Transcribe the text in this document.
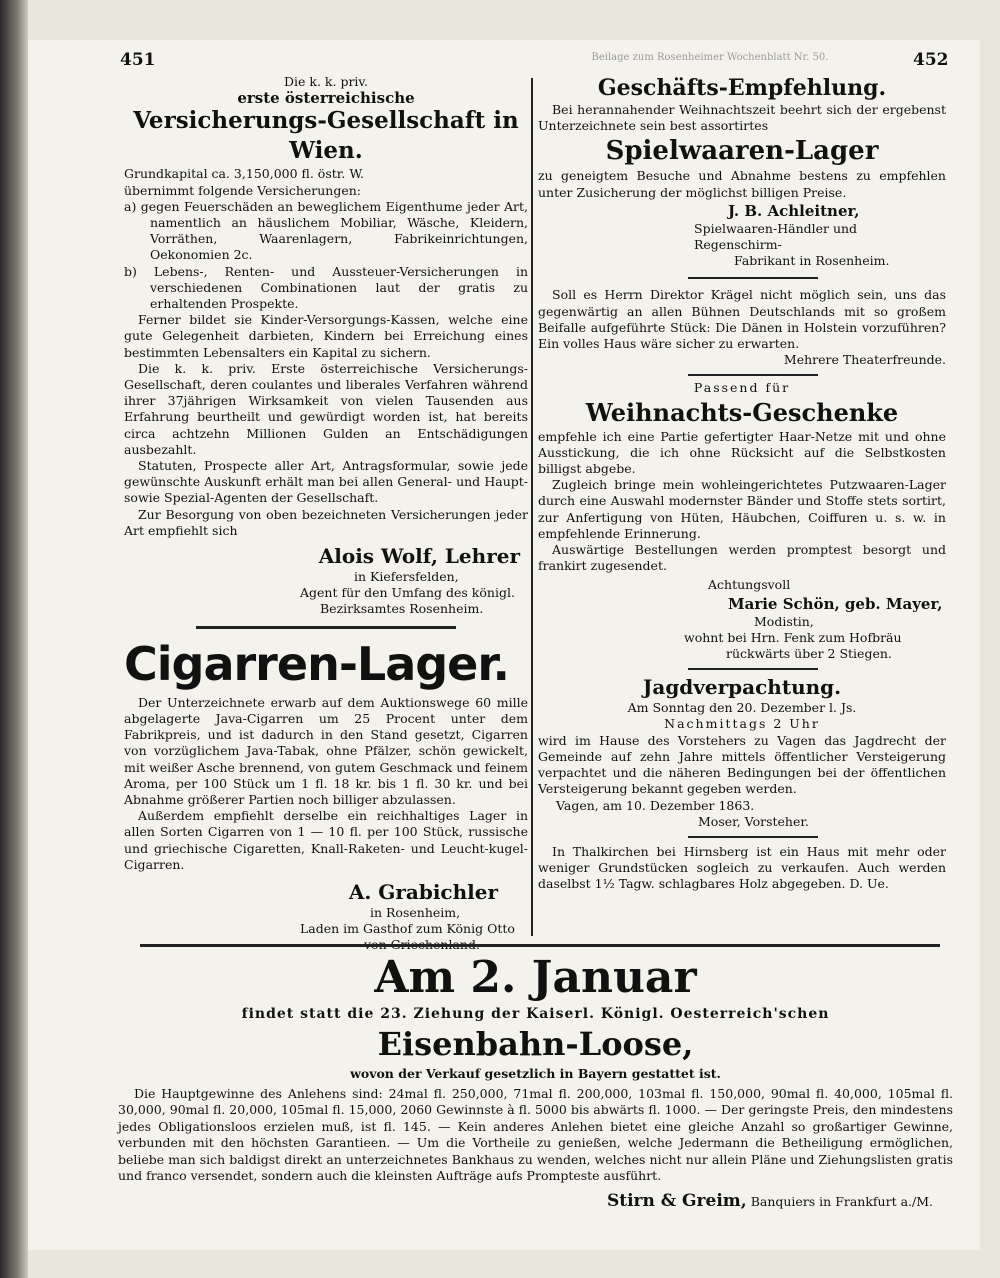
451	452
Beilage zum Rosenheimer Wochenblatt Nr. 50.

Die k. k. priv.

erste österreichische

Versicherungs-Gesellschaft in Wien.

Grundkapital ca. 3,150,000 fl. östr. W.

übernimmt folgende Versicherungen:

a) gegen Feuerschäden an beweglichem Eigenthume jeder Art, namentlich an häuslichem Mobiliar, Wäsche, Kleidern, Vorräthen, Waarenlagern, Fabrikeinrichtungen, Oekonomien 2c.

b) Lebens-, Renten- und Aussteuer-Versicherungen in verschiedenen Combinationen laut der gratis zu erhaltenden Prospekte.

Ferner bildet sie Kinder-Versorgungs-Kassen, welche eine gute Gelegenheit darbieten, Kindern bei Erreichung eines bestimmten Lebensalters ein Kapital zu sichern.

Die k. k. priv. Erste österreichische Versicherungs-Gesellschaft, deren coulantes und liberales Verfahren während ihrer 37jährigen Wirksamkeit von vielen Tausenden aus Erfahrung beurtheilt und gewürdigt worden ist, hat bereits circa achtzehn Millionen Gulden an Entschädigungen ausbezahlt.

Statuten, Prospecte aller Art, Antragsformular, sowie jede gewünschte Auskunft erhält man bei allen General- und Haupt- sowie Spezial-Agenten der Gesellschaft.

Zur Besorgung von oben bezeichneten Versicherungen jeder Art empfiehlt sich

Alois Wolf, Lehrer

in Kiefersfelden,

Agent für den Umfang des königl.

Bezirksamtes Rosenheim.

Cigarren-Lager.

Der Unterzeichnete erwarb auf dem Auktionswege 60 mille abgelagerte Java-Cigarren um 25 Procent unter dem Fabrikpreis, und ist dadurch in den Stand gesetzt, Cigarren von vorzüglichem Java-Tabak, ohne Pfälzer, schön gewickelt, mit weißer Asche brennend, von gutem Geschmack und feinem Aroma, per 100 Stück um 1 fl. 18 kr. bis 1 fl. 30 kr. und bei Abnahme größerer Partien noch billiger abzulassen.

Außerdem empfiehlt derselbe ein reichhaltiges Lager in allen Sorten Cigarren von 1 — 10 fl. per 100 Stück, russische und griechische Cigaretten, Knall-Raketen- und Leucht-kugel-Cigarren.

A. Grabichler

in Rosenheim,

Laden im Gasthof zum König Otto

Geschäfts-Empfehlung.

Bei herannahender Weihnachtszeit beehrt sich der ergebenst Unterzeichnete sein best assortirtes

Spielwaaren-Lager

zu geneigtem Besuche und Abnahme bestens zu empfehlen unter Zusicherung der möglichst billigen Preise.

J. B. Achleitner,

Spielwaaren-Händler und Regenschirm-

Fabrikant in Rosenheim.

Soll es Herrn Direktor Krägel nicht möglich sein, uns das gegenwärtig an allen Bühnen Deutschlands mit so großem Beifalle aufgeführte Stück: Die Dänen in Holstein vorzuführen? Ein volles Haus wäre sicher zu erwarten.

Mehrere Theaterfreunde.

Passend für

Weihnachts-Geschenke

empfehle ich eine Partie gefertigter Haar-Netze mit und ohne Ausstickung, die ich ohne Rücksicht auf die Selbstkosten billigst abgebe.

Zugleich bringe mein wohleingerichtetes Putzwaaren-Lager durch eine Auswahl modernster Bänder und Stoffe stets sortirt, zur Anfertigung von Hüten, Häubchen, Coiffuren u. s. w. in empfehlende Erinnerung.

Auswärtige Bestellungen werden promptest besorgt und frankirt zugesendet.

Achtungsvoll

Marie Schön, geb. Mayer,

Modistin,

wohnt bei Hrn. Fenk zum Hofbräu

rückwärts über 2 Stiegen.

Jagdverpachtung.

Am Sonntag den 20. Dezember l. Js.

Nachmittags 2 Uhr

wird im Hause des Vorstehers zu Vagen das Jagdrecht der Gemeinde auf zehn Jahre mittels öffentlicher Versteigerung verpachtet und die näheren Bedingungen bei der öffentlichen Versteigerung bekannt gegeben werden.

Vagen, am 10. Dezember 1863.

Moser, Vorsteher.

In Thalkirchen bei Hirnsberg ist ein Haus mit mehr oder weniger Grundstücken sogleich zu verkaufen. Auch werden daselbst 1½ Tagw. schlagbares Holz abgegeben. D. Ue.

Am 2. Januar

findet statt die 23. Ziehung der Kaiserl. Königl. Oesterreich'schen

Eisenbahn-Loose,

wovon der Verkauf gesetzlich in Bayern gestattet ist.

Die Hauptgewinne des Anlehens sind: 24mal fl. 250,000, 71mal fl. 200,000, 103mal fl. 150,000, 90mal fl. 40,000, 105mal fl. 30,000, 90mal fl. 20,000, 105mal fl. 15,000, 2060 Gewinnste à fl. 5000 bis abwärts fl. 1000. — Der geringste Preis, den mindestens jedes Obligationsloos erzielen muß, ist fl. 145. — Kein anderes Anlehen bietet eine gleiche Anzahl so großartiger Gewinne, verbunden mit den höchsten Garantieen. — Um die Vortheile zu genießen, welche Jedermann die Betheiligung ermöglichen, beliebe man sich baldigst direkt an unterzeichnetes Bankhaus zu wenden, welches nicht nur allein Pläne und Ziehungslisten gratis und franco versendet, sondern auch die kleinsten Aufträge aufs Prompteste ausführt.

Stirn & Greim, Banquiers in Frankfurt a./M.
